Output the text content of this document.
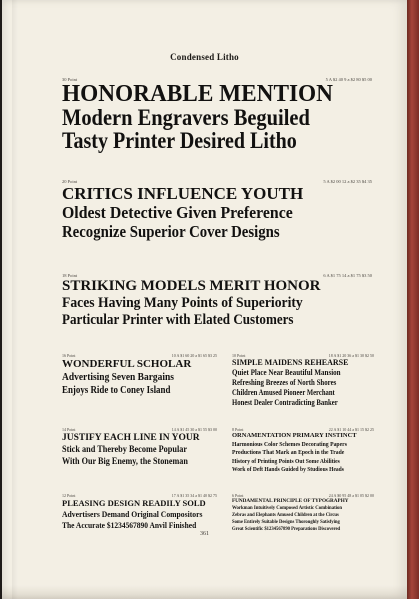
Condensed Litho
30 Point	5 A $2 40 9 a $2 80 $5 00
HONORABLE MENTION
Modern Engravers Beguiled
Tasty Printer Desired Litho
20 Point	5 A $2 00 12 a $2 35 $4 35
CRITICS INFLUENCE YOUTH
Oldest Detective Given Preference
Recognize Superior Cover Designs
18 Point	6 A $1 75 14 a $1 75 $3 50
STRIKING MODELS MERIT HONOR
Faces Having Many Points of Superiority
Particular Printer with Elated Customers
16 Point	10 A $1 60 20 a $1 65 $3 25
WONDERFUL SCHOLAR
Advertising Seven Bargains
Enjoys Ride to Coney Island
10 Point	18 A $1 20 36 a $1 30 $2 50
SIMPLE MAIDENS REHEARSE
Quiet Place Near Beautiful Mansion
Refreshing Breezes of North Shores
Children Amused Pioneer Merchant
Honest Dealer Contradicting Banker
14 Point	14 A $1 45 30 a $1 55 $3 00
JUSTIFY EACH LINE IN YOUR
Stick and Thereby Become Popular
With Our Big Enemy, the Stoneman
8 Point	22 A $1 10 44 a $1 15 $2 25
ORNAMENTATION PRIMARY INSTINCT
Harmonious Color Schemes Decorating Papers
Productions That Mark an Epoch in the Trade
History of Printing Points Out Some Abilities
Work of Deft Hands Guided by Studious Heads
12 Point	17 A $1 35 34 a $1 40 $2 75
PLEASING DESIGN READILY SOLD
Advertisers Demand Original Compositors
The Accurate $1234567890 Anvil Finished
6 Point	24 A $0 95 48 a $1 05 $2 00
FUNDAMENTAL PRINCIPLE OF TYPOGRAPHY
Workman Intuitively Composed Artistic Combination
Zebras and Elephants Amused Children at the Circus
Some Entirely Suitable Designs Thoroughly Satisfying
Great Scientific $1234567890 Preparations Discovered
361
